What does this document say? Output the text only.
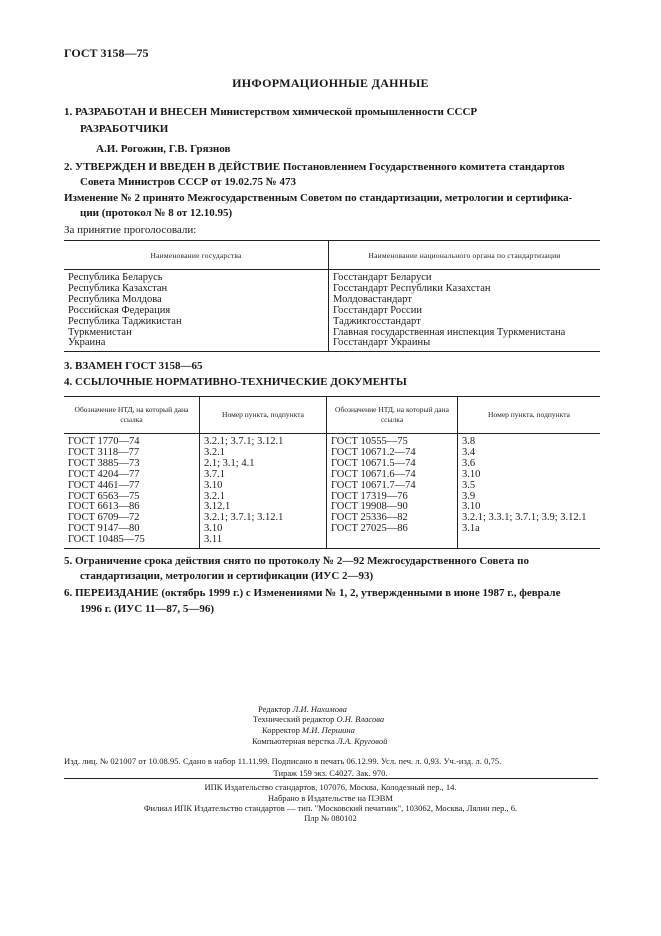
ГОСТ 3158—75
ИНФОРМАЦИОННЫЕ ДАННЫЕ
1. РАЗРАБОТАН И ВНЕСЕН Министерством химической промышленности СССР
РАЗРАБОТЧИКИ
А.И. Рогожин, Г.В. Грязнов
2. УТВЕРЖДЕН И ВВЕДЕН В ДЕЙСТВИЕ Постановлением Государственного комитета стандартов
Совета Министров СССР от 19.02.75 № 473
Изменение № 2 принято Межгосударственным Советом по стандартизации, метрологии и сертифика-
ции (протокол № 8 от 12.10.95)
За принятие проголосовали:
Наименование государства	Наименование национального органа по стандартизации
Республика Беларусь	Госстандарт Беларуси
Республика Казахстан	Госстандарт Республики Казахстан
Республика Молдова	Молдовастандарт
Российская Федерация	Госстандарт России
Республика Таджикистан	Таджикгосстандарт
Туркменистан	Главная государственная инспекция Туркменистана
Украина	Госстандарт Украины
3. ВЗАМЕН ГОСТ 3158—65
4. ССЫЛОЧНЫЕ НОРМАТИВНО-ТЕХНИЧЕСКИЕ ДОКУМЕНТЫ
Обозначение НТД, на который дана ссылка	Номер пункта, подпункта	Обозначение НТД, на который дана ссылка	Номер пункта, подпункта
ГОСТ 1770—74	3.2.1; 3.7.1; 3.12.1	ГОСТ 10555—75	3.8
ГОСТ 3118—77	3.2.1	ГОСТ 10671.2—74	3.4
ГОСТ 3885—73	2.1; 3.1; 4.1	ГОСТ 10671.5—74	3.6
ГОСТ 4204—77	3.7.1	ГОСТ 10671.6—74	3.10
ГОСТ 4461—77	3.10	ГОСТ 10671.7—74	3.5
ГОСТ 6563—75	3.2.1	ГОСТ 17319—76	3.9
ГОСТ 6613—86	3.12.1	ГОСТ 19908—90	3.10
ГОСТ 6709—72	3.2.1; 3.7.1; 3.12.1	ГОСТ 25336—82	3.2.1; 3.3.1; 3.7.1; 3.9; 3.12.1
ГОСТ 9147—80	3.10	ГОСТ 27025—86	3.1а
ГОСТ 10485—75	3.11		
5. Ограничение срока действия снято по протоколу № 2—92 Межгосударственного Совета по
стандартизации, метрологии и сертификации (ИУС 2—93)
6. ПЕРЕИЗДАНИЕ (октябрь 1999 г.) с Изменениями № 1, 2, утвержденными в июне 1987 г., феврале
1996 г. (ИУС 11—87, 5—96)
Редактор Л.И. Нахимова
Технический редактор О.Н. Власова
Корректор М.И. Першина
Компьютерная верстка Л.А. Круговой
Изд. лиц. № 021007 от 10.08.95. Сдано в набор 11.11.99. Подписано в печать 06.12.99. Усл. печ. л. 0,93. Уч.-изд. л. 0,75.
Тираж 159 экз. С4027. Зак. 970.
ИПК Издательство стандартов, 107076, Москва, Колодезный пер., 14.
Набрано в Издательстве на ПЭВМ
Филиал ИПК Издательство стандартов — тип. "Московский печатник", 103062, Москва, Лялин пер., 6.
Плр № 080102
